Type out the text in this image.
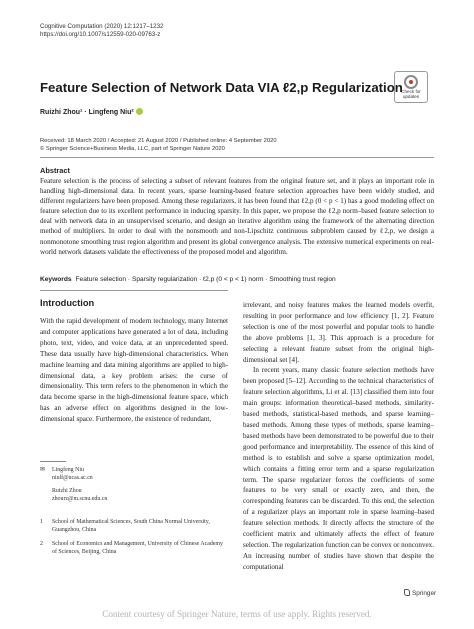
Cognitive Computation (2020) 12:1217–1232
https://doi.org/10.1007/s12559-020-09763-z
Check for
updates
Feature Selection of Network Data VIA ℓ2,p Regularization
Ruizhi Zhou¹ · Lingfeng Niu²
Received: 18 March 2020 / Accepted: 21 August 2020 / Published online: 4 September 2020
© Springer Science+Business Media, LLC, part of Springer Nature 2020
Abstract
Feature selection is the process of selecting a subset of relevant features from the original feature set, and it plays an important role in handling high-dimensional data. In recent years, sparse learning-based feature selection approaches have been widely studied, and different regularizers have been proposed. Among these regularizers, it has been found that ℓ2,p (0 < p < 1) has a good modeling effect on feature selection due to its excellent performance in inducing sparsity. In this paper, we propose the ℓ2,p norm–based feature selection to deal with network data in an unsupervised scenario, and design an iterative algorithm using the framework of the alternating direction method of multipliers. In order to deal with the nonsmooth and non-Lipschitz continuous subproblem caused by ℓ2,p, we design a nonmonotone smoothing trust region algorithm and present its global convergence analysis. The extensive numerical experiments on real-world network datasets validate the effectiveness of the proposed model and algorithm.
Keywords Feature selection · Sparsity regularization · ℓ2,p (0 < p < 1) norm · Smoothing trust region
Introduction

With the rapid development of modern technology, many Internet and computer applications have generated a lot of data, including photo, text, video, and voice data, at an unprecedented speed. These data usually have high-dimensional characteristics. When machine learning and data mining algorithms are applied to high-dimensional data, a key problem arises: the curse of dimensionality. This term refers to the phenomenon in which the data become sparse in the high-dimensional feature space, which has an adverse effect on algorithms designed in the low-dimensional space. Furthermore, the existence of redundant,

irrelevant, and noisy features makes the learned models overfit, resulting in poor performance and low efficiency [1, 2]. Feature selection is one of the most powerful and popular tools to handle the above problems [1, 3]. This approach is a procedure for selecting a relevant feature subset from the original high-dimensional set [4].

In recent years, many classic feature selection methods have been proposed [5–12]. According to the technical characteristics of feature selection algorithms, Li et al. [13] classified them into four main groups: information theoretical–based methods, similarity-based methods, statistical-based methods, and sparse learning–based methods. Among these types of methods, sparse learning–based methods have been demonstrated to be powerful due to their good performance and interpretability. The essence of this kind of method is to establish and solve a sparse optimization model, which contains a fitting error term and a sparse regularization term. The sparse regularizer forces the coefficients of some features to be very small or exactly zero, and then, the corresponding features can be discarded. To this end, the selection of a regularizer plays an important role in sparse learning–based feature selection methods. It directly affects the structure of the coefficient matrix and ultimately affects the effect of feature selection. The regularization function can be convex or nonconvex. An increasing number of studies have shown that despite the computational

✉ Lingfeng Niu
niulf@ucas.ac.cn
Ruizhi Zhou
zhourz@m.scnu.edu.cn
1 School of Mathematical Sciences, South China Normal University, Guangzhou, China
2 School of Economics and Management, University of Chinese Academy of Sciences, Beijing, China
Springer
Content courtesy of Springer Nature, terms of use apply. Rights reserved.
